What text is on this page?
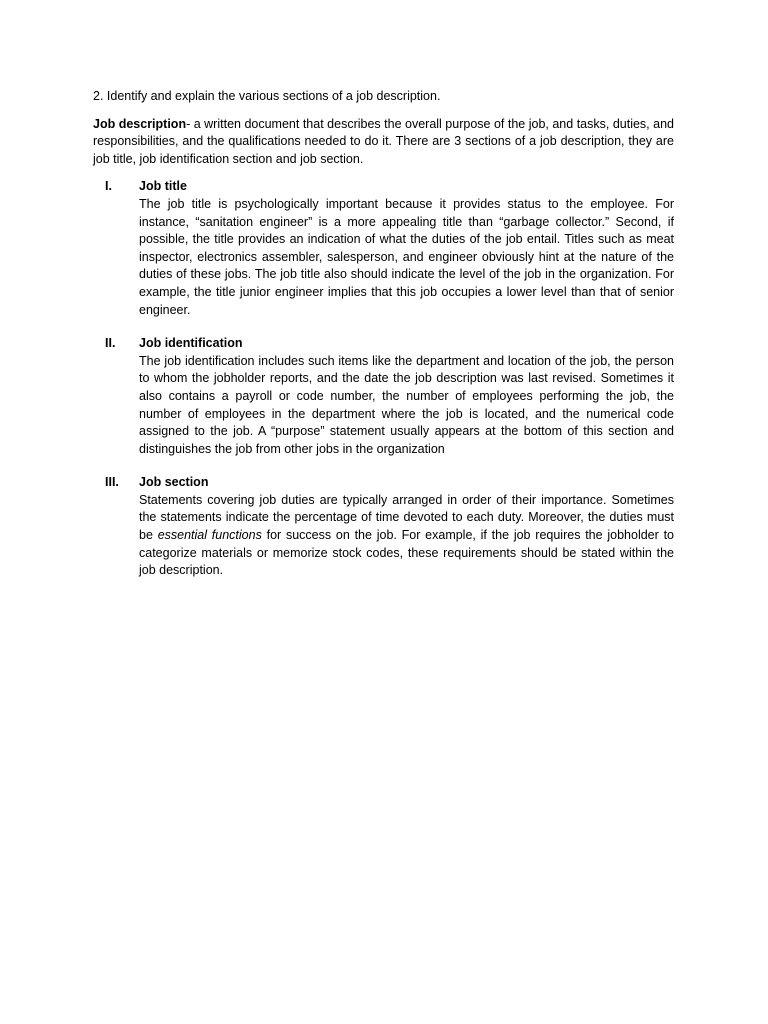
2. Identify and explain the various sections of a job description.

Job description- a written document that describes the overall purpose of the job, and tasks, duties, and responsibilities, and the qualifications needed to do it. There are 3 sections of a job description, they are job title, job identification section and job section.

I.	Job title
The job title is psychologically important because it provides status to the employee. For instance, “sanitation engineer” is a more appealing title than “garbage collector.” Second, if possible, the title provides an indication of what the duties of the job entail. Titles such as meat inspector, electronics assembler, salesperson, and engineer obviously hint at the nature of the duties of these jobs. The job title also should indicate the level of the job in the organization. For example, the title junior engineer implies that this job occupies a lower level than that of senior engineer.
II.	Job identification
The job identification includes such items like the department and location of the job, the person to whom the jobholder reports, and the date the job description was last revised. Sometimes it also contains a payroll or code number, the number of employees performing the job, the number of employees in the department where the job is located, and the numerical code assigned to the job. A “purpose” statement usually appears at the bottom of this section and distinguishes the job from other jobs in the organization
III.	Job section
Statements covering job duties are typically arranged in order of their importance. Sometimes the statements indicate the percentage of time devoted to each duty. Moreover, the duties must be essential functions for success on the job. For example, if the job requires the jobholder to categorize materials or memorize stock codes, these requirements should be stated within the job description.
